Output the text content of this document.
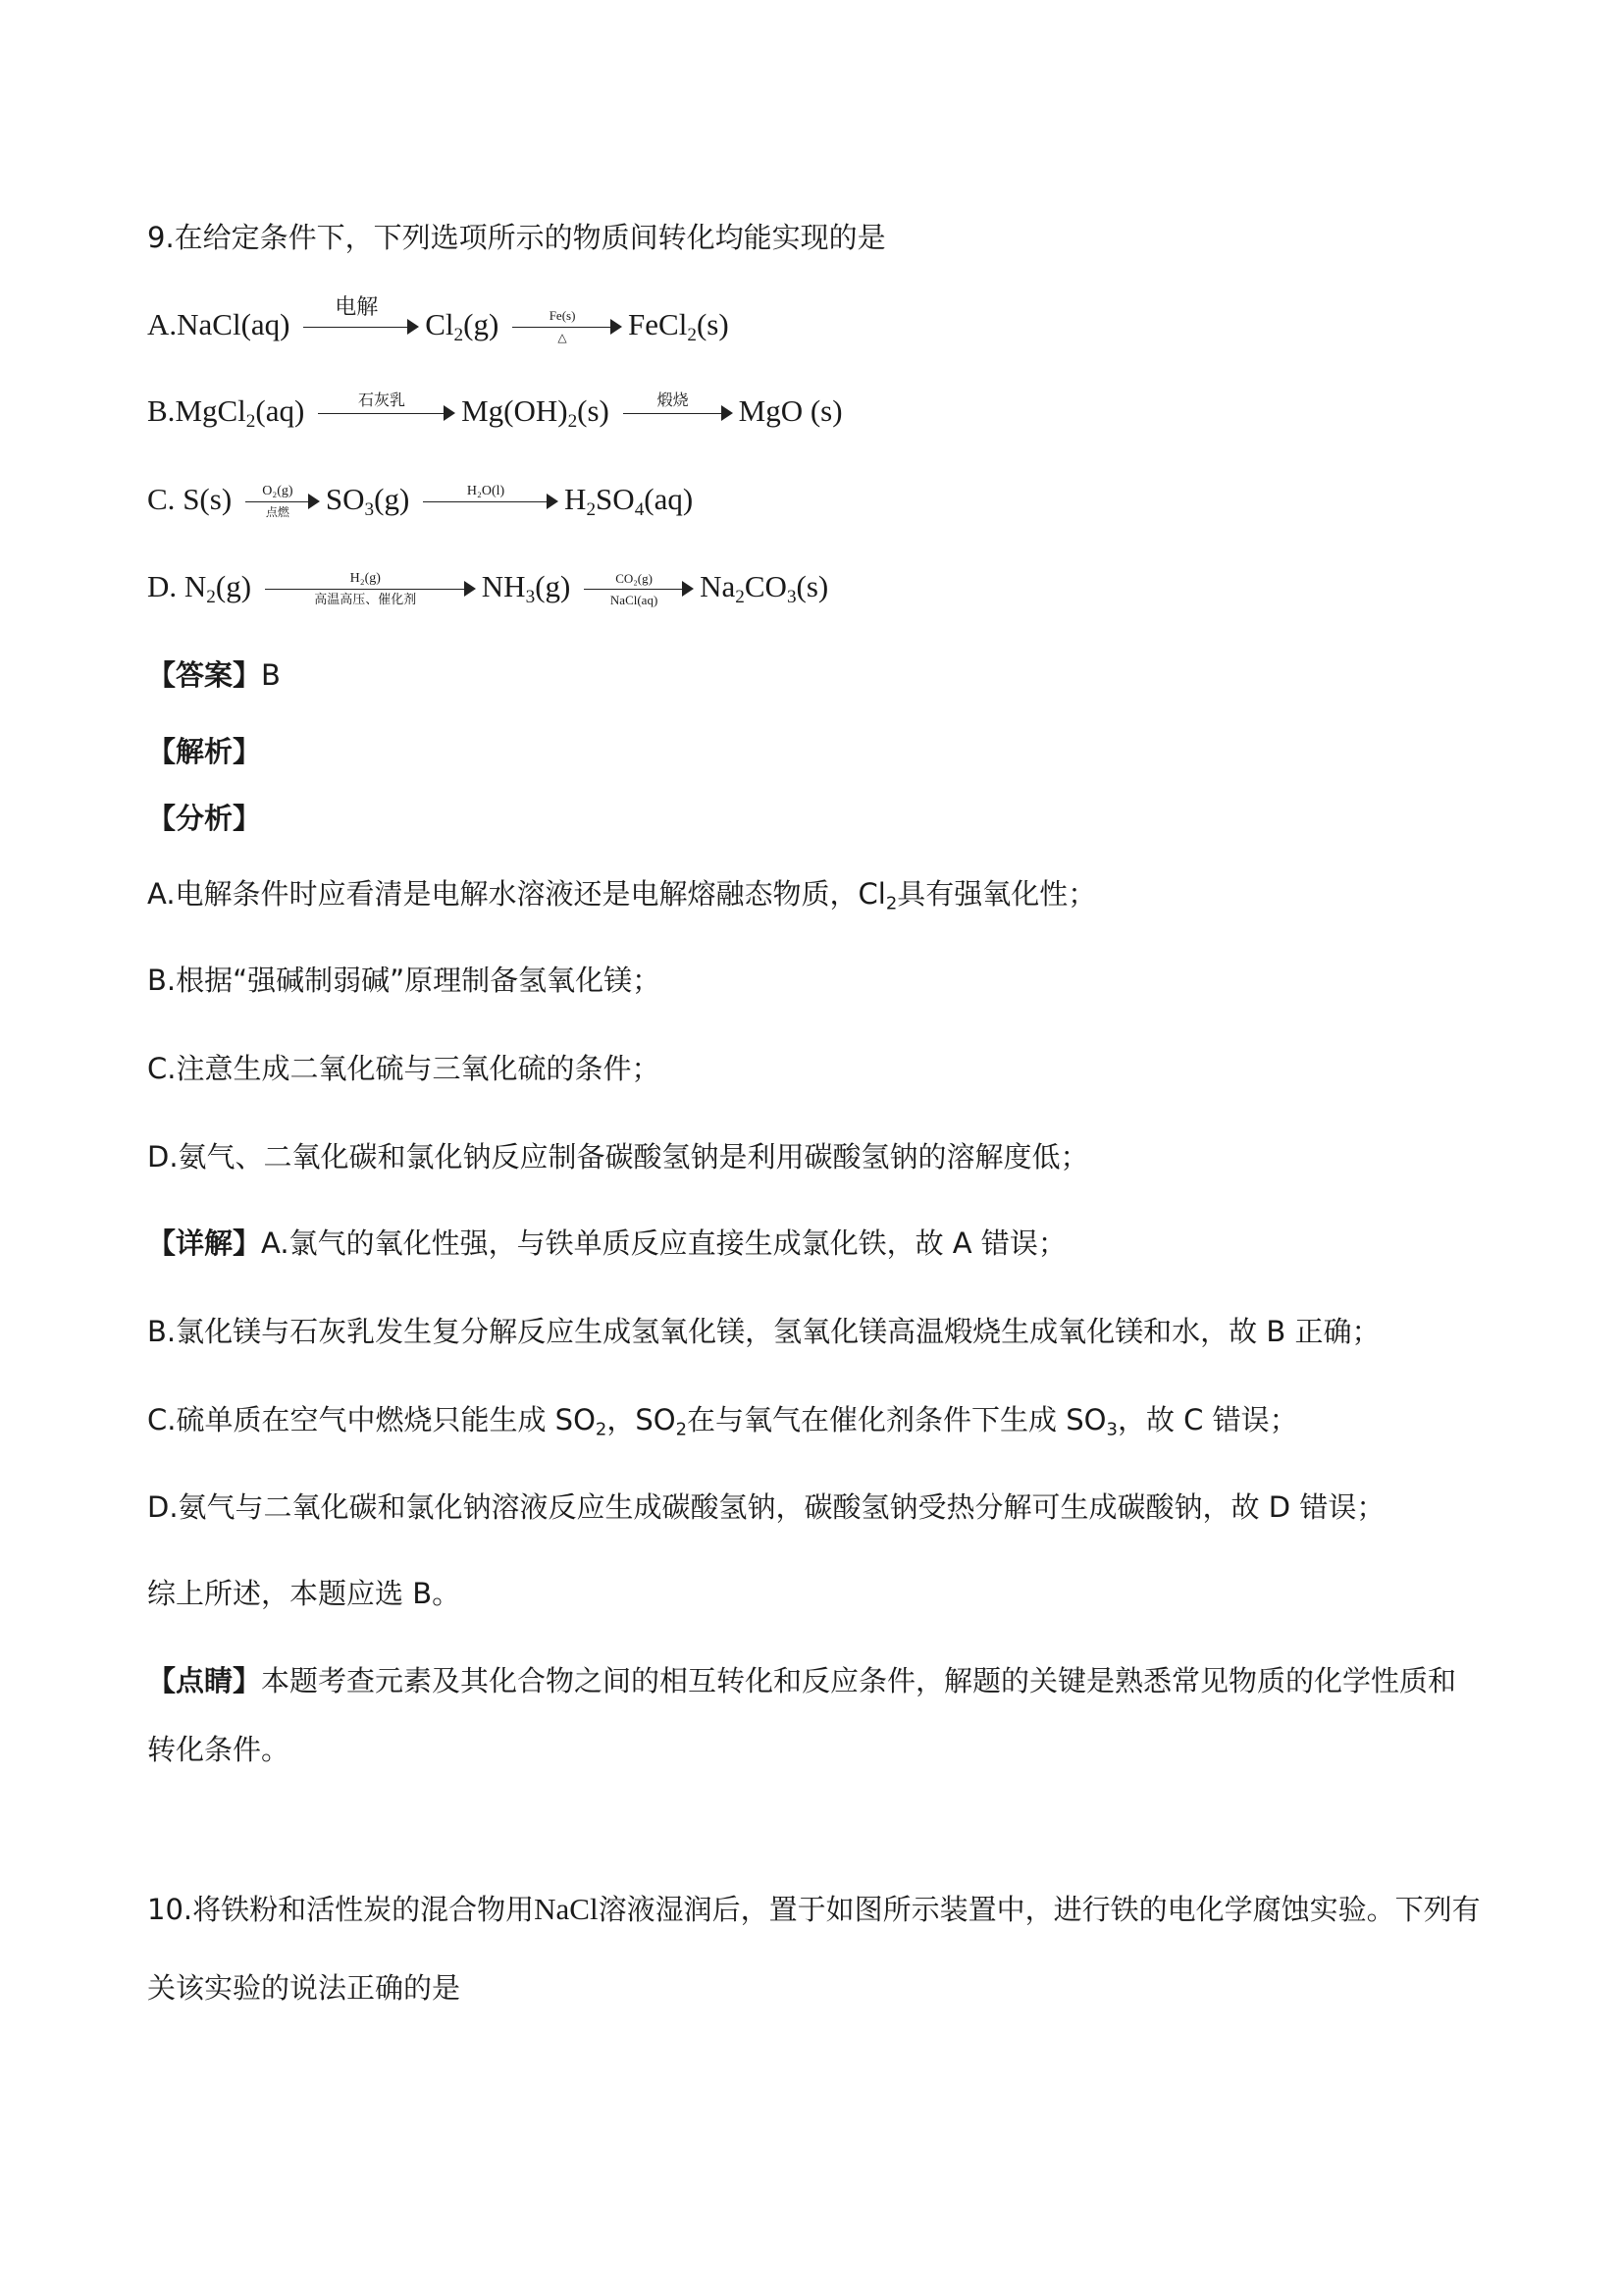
9.在给定条件下，下列选项所示的物质间转化均能实现的是
A.NaCl(aq)	电解	$Cl_2(g)$	Fe(s)
△	FeCl$_2$(s)
B.MgCl$_2$(aq)	石灰乳	$Mg(OH)_2(s)$	煅烧	MgO (s)
C. S(s)	O₂(g)
点燃	$SO_3(g)$	H₂O(l)	$H_2SO_4(aq)$
D. $N_2(g)$	H₂(g)
高温高压、催化剂	$NH_3(g)$	CO₂(g)
NaCl(aq)	$Na_2CO_3(s)$
【答案】B
【解析】
【分析】
A.电解条件时应看清是电解水溶液还是电解熔融态物质，$Cl_2$具有强氧化性；
B.根据“强碱制弱碱”原理制备氢氧化镁；
C.注意生成二氧化硫与三氧化硫的条件；
D.氨气、二氧化碳和氯化钠反应制备碳酸氢钠是利用碳酸氢钠的溶解度低；
【详解】A.氯气的氧化性强，与铁单质反应直接生成氯化铁，故 A 错误；
B.氯化镁与石灰乳发生复分解反应生成氢氧化镁，氢氧化镁高温煅烧生成氧化镁和水，故 B 正确；
C.硫单质在空气中燃烧只能生成 $SO_2$，$SO_2$在与氧气在催化剂条件下生成 $SO_3$，故 C 错误；
D.氨气与二氧化碳和氯化钠溶液反应生成碳酸氢钠，碳酸氢钠受热分解可生成碳酸钠，故 D 错误；
综上所述，本题应选 B。
【点睛】本题考查元素及其化合物之间的相互转化和反应条件，解题的关键是熟悉常见物质的化学性质和转化条件。
10.将铁粉和活性炭的混合物用NaCl溶液湿润后，置于如图所示装置中，进行铁的电化学腐蚀实验。下列有关该实验的说法正确的是
